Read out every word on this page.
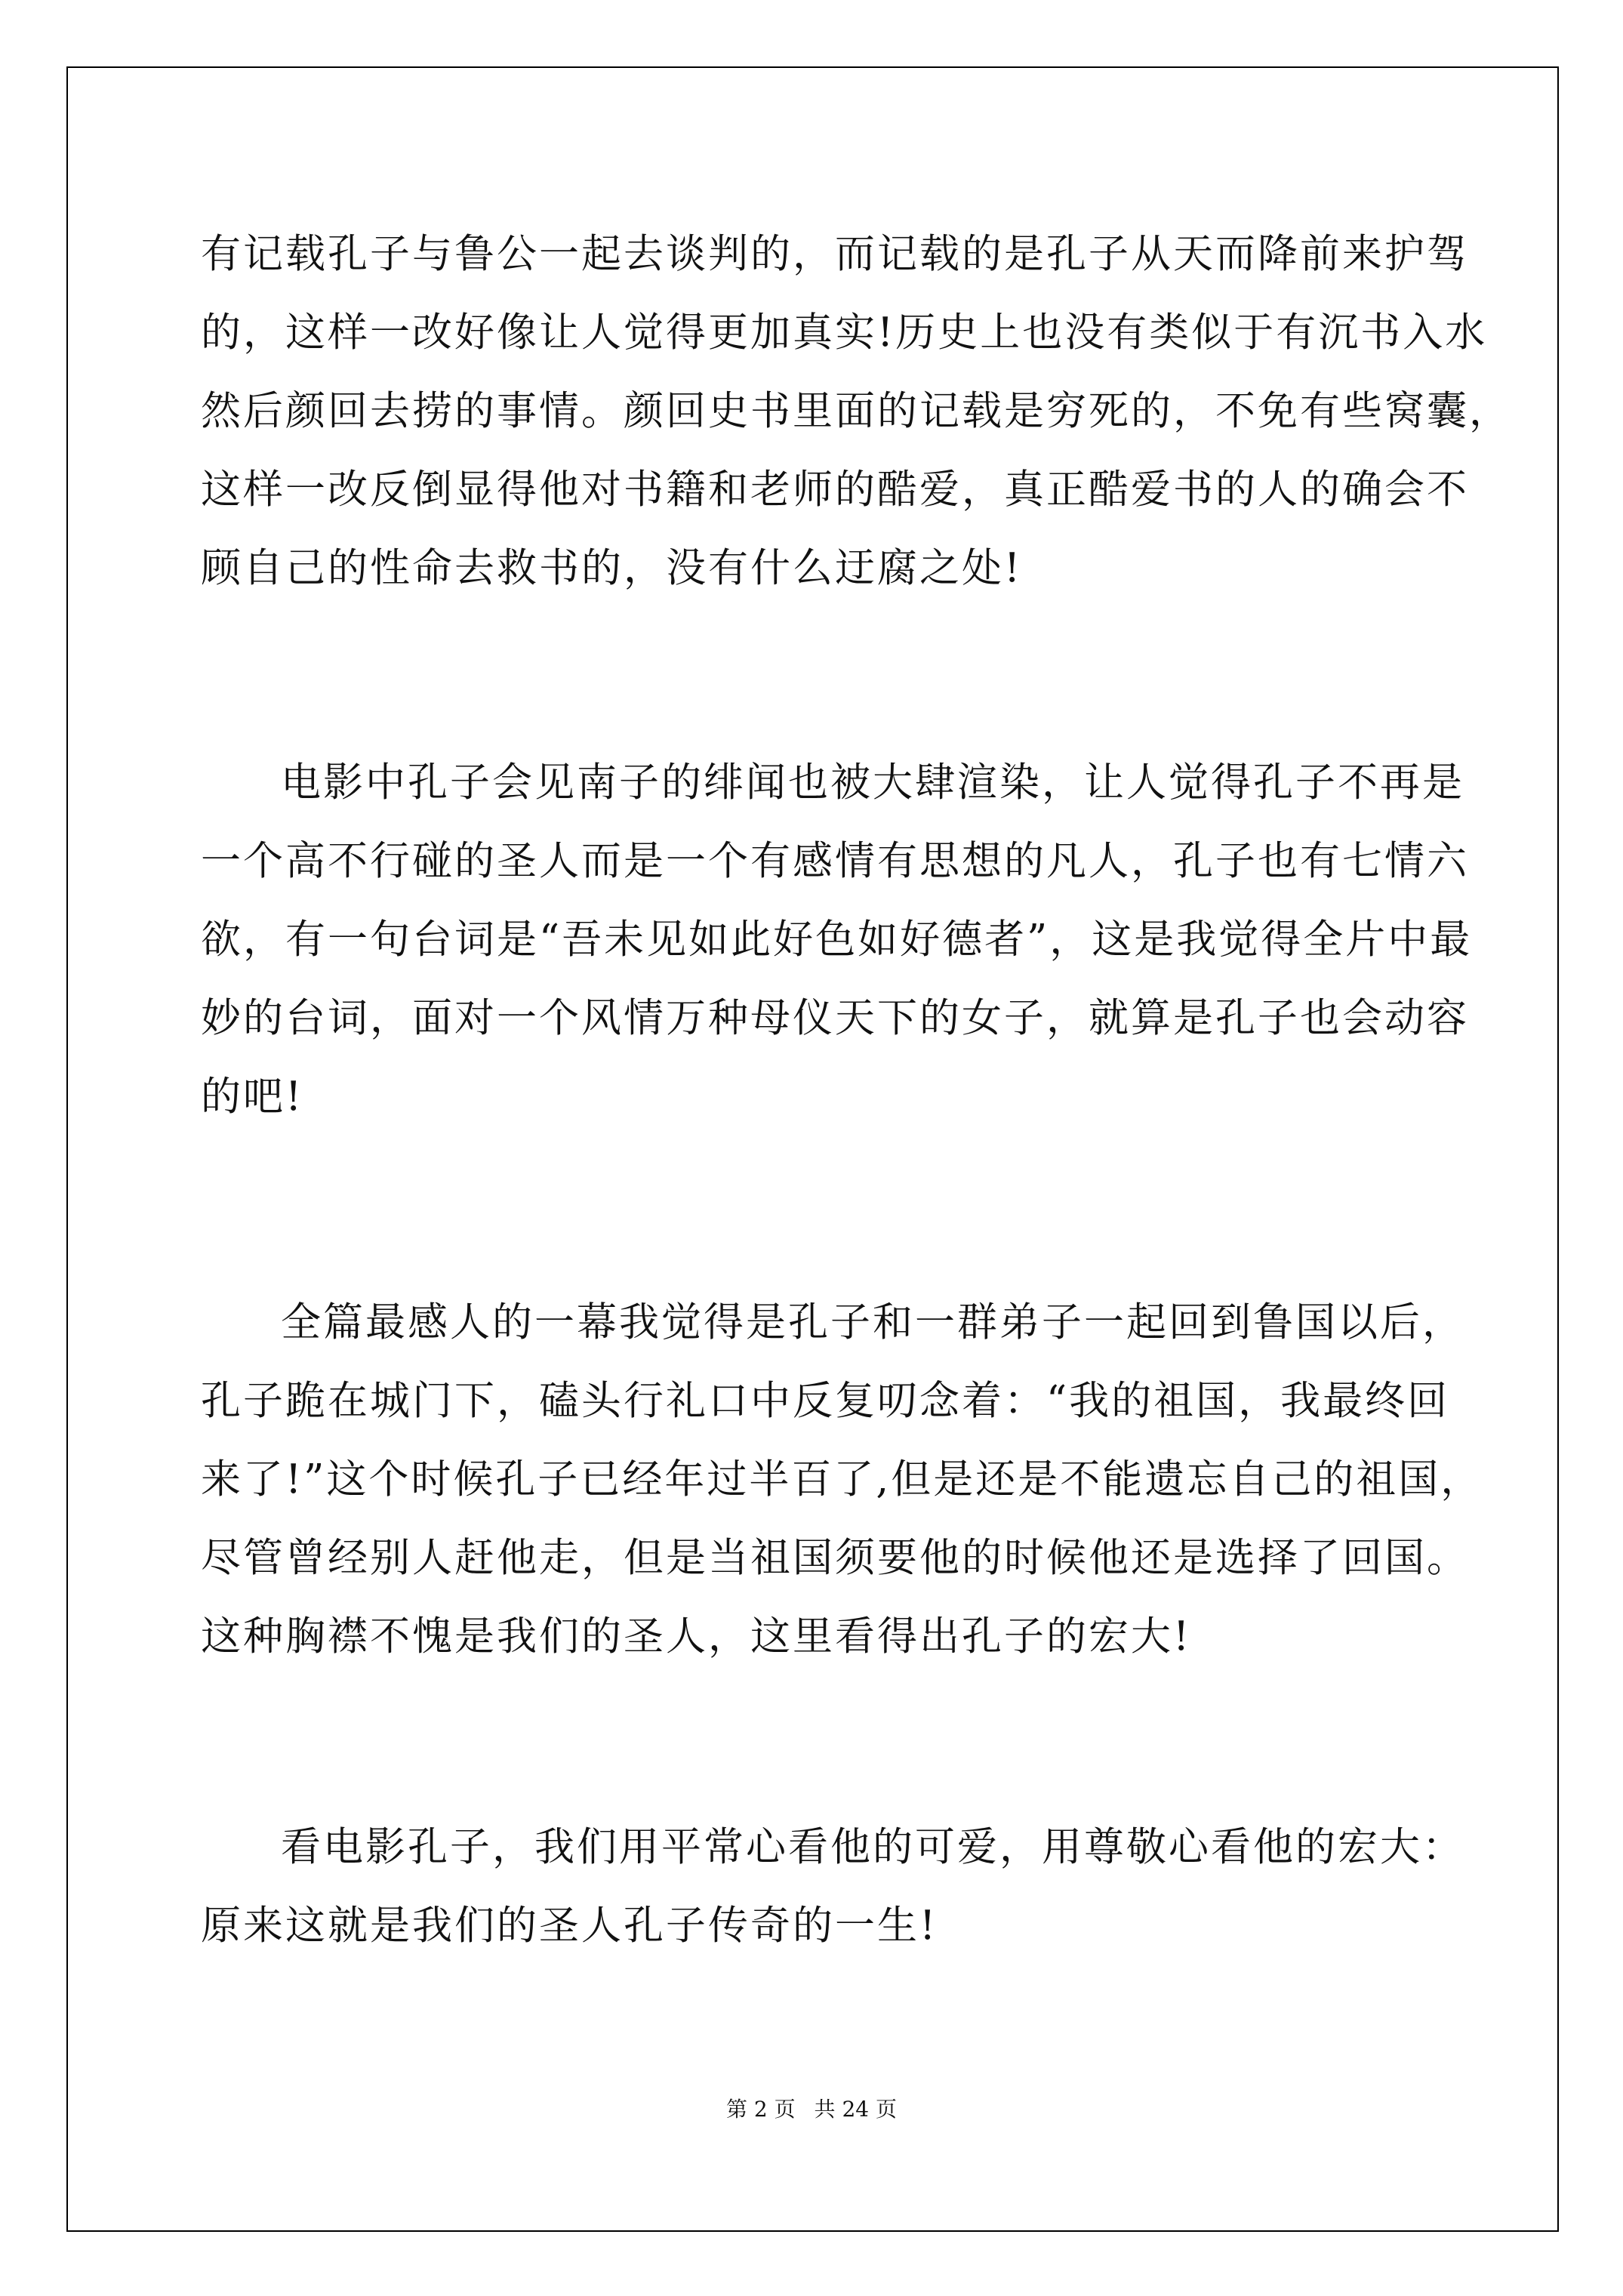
有记载孔子与鲁公一起去谈判的，而记载的是孔子从天而降前来护驾
的，这样一改好像让人觉得更加真实!历史上也没有类似于有沉书入水
然后颜回去捞的事情。颜回史书里面的记载是穷死的，不免有些窝囊，
这样一改反倒显得他对书籍和老师的酷爱，真正酷爱书的人的确会不
顾自己的性命去救书的，没有什么迂腐之处!
电影中孔子会见南子的绯闻也被大肆渲染，让人觉得孔子不再是
一个高不行碰的圣人而是一个有感情有思想的凡人，孔子也有七情六
欲，有一句台词是“吾未见如此好色如好德者”，这是我觉得全片中最
妙的台词，面对一个风情万种母仪天下的女子，就算是孔子也会动容
的吧!
全篇最感人的一幕我觉得是孔子和一群弟子一起回到鲁国以后，
孔子跪在城门下，磕头行礼口中反复叨念着：“我的祖国，我最终回
来了!”这个时候孔子已经年过半百了,但是还是不能遗忘自己的祖国，
尽管曾经别人赶他走，但是当祖国须要他的时候他还是选择了回国。
这种胸襟不愧是我们的圣人，这里看得出孔子的宏大!
看电影孔子，我们用平常心看他的可爱，用尊敬心看他的宏大：
原来这就是我们的圣人孔子传奇的一生!
第 2 页 共 24 页
